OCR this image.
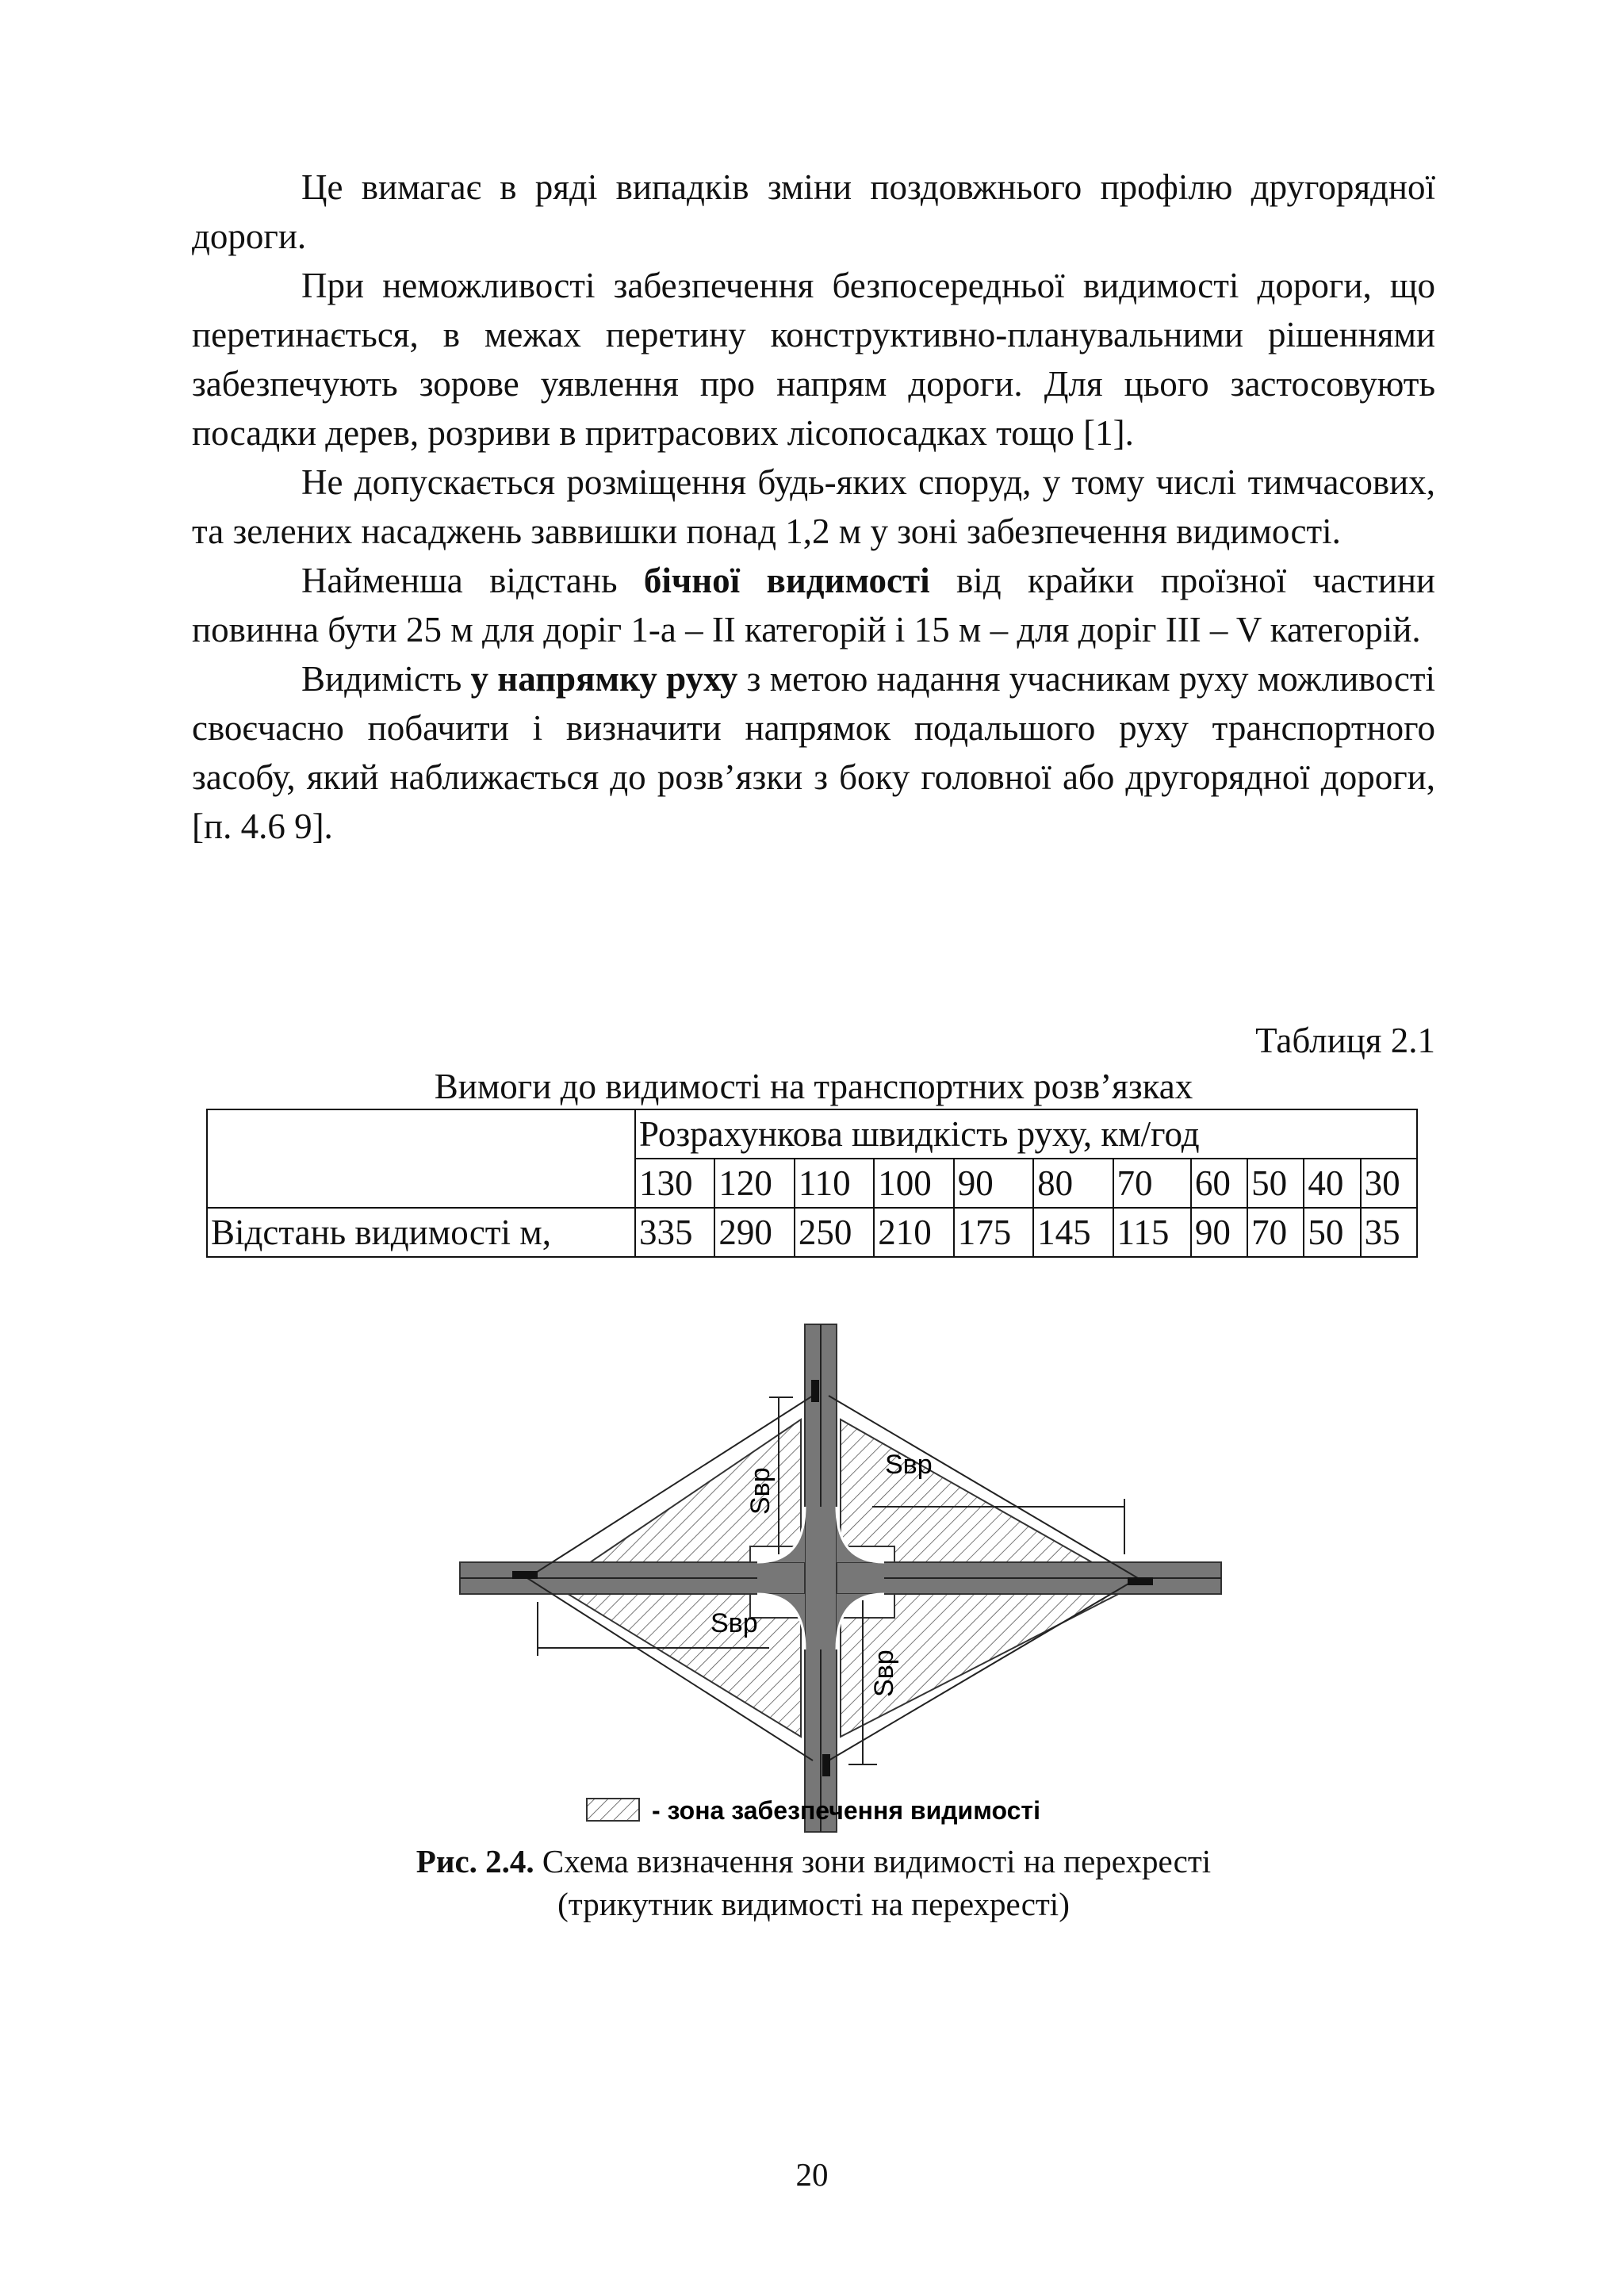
Це вимагає в ряді випадків зміни поздовжнього профілю другорядної дороги.

При неможливості забезпечення безпосередньої видимості дороги, що перетинається, в межах перетину конструктивно-планувальними рішеннями забезпечують зорове уявлення про напрям дороги. Для цього застосовують посадки дерев, розриви в притрасових лісопосадках тощо [1].

Не допускається розміщення будь-яких споруд, у тому числі тимчасових, та зелених насаджень заввишки понад 1,2 м у зоні забезпечення видимості.

Найменша відстань бічної видимості від крайки проїзної частини повинна бути 25 м для доріг 1-а – II категорій і 15 м – для доріг III – V категорій.

Видимість у напрямку руху з метою надання учасникам руху можливості своєчасно побачити і визначити напрямок подальшого руху транспортного засобу, який наближається до розв’язки з боку головної або другорядної дороги, [п. 4.6 9].

Таблиця 2.1
Вимоги до видимості на транспортних розв’язках
	Розрахункова швидкість руху, км/год										
	130	120	110	100	90	80	70	60	50	40	30
Відстань видимості м,	335	290	250	210	175	145	115	90	70	50	35
Sвр
Sвр
Sвр
Sвр
- зона забезпечення видимості
Рис. 2.4. Схема визначення зони видимості на перехресті
(трикутник видимості на перехресті)
20
